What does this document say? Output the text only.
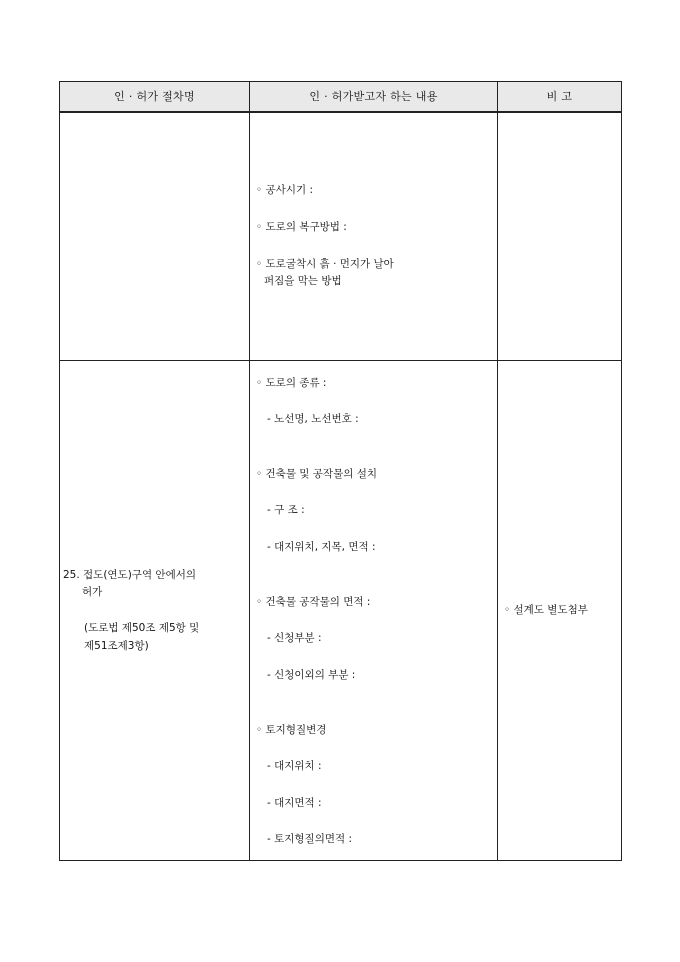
인 · 허가 절차명	인 · 허가받고자 하는 내용	비 고
◦ 공사시기 :
◦ 도로의 복구방법 :
◦ 도로굴착시 흙 · 먼지가 날아
퍼짐을 막는 방법
25. 접도(연도)구역 안에서의
허가
(도로법 제50조 제5항 및
제51조제3항)
◦ 도로의 종류 :
- 노선명, 노선번호 :
◦ 건축물 및 공작물의 설치
- 구 조 :
- 대지위치, 지목, 면적 :
◦ 건축물 공작물의 면적 :
- 신청부분 :
- 신청이외의 부분 :
◦ 토지형질변경
- 대지위치 :
- 대지면적 :
- 토지형질의면적 :
◦ 설계도 별도첨부
